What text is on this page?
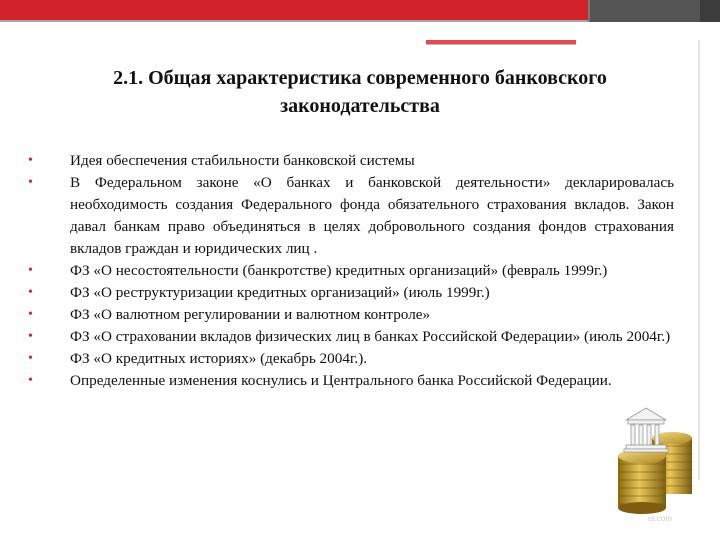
2.1. Общая характеристика современного банковского
законодательства
• Идея обеспечения стабильности банковской системы
• В Федеральном законе «О банках и банковской деятельности» декларировалась необходимость создания Федерального фонда обязательного страхования вкладов. Закон давал банкам право объединяться в целях добровольного создания фондов страхования вкладов граждан и юридических лиц .
• ФЗ «О несостоятельности (банкротстве) кредитных организаций» (февраль 1999г.)
• ФЗ «О реструктуризации кредитных организаций» (июль 1999г.)
• ФЗ «О валютном регулировании и валютном контроле»
• ФЗ «О страховании вкладов физических лиц в банках Российской Федерации» (июль 2004г.)
• ФЗ «О кредитных историях» (декабрь 2004г.).
• Определенные изменения коснулись и Центрального банка Российской Федерации.
rs.com
